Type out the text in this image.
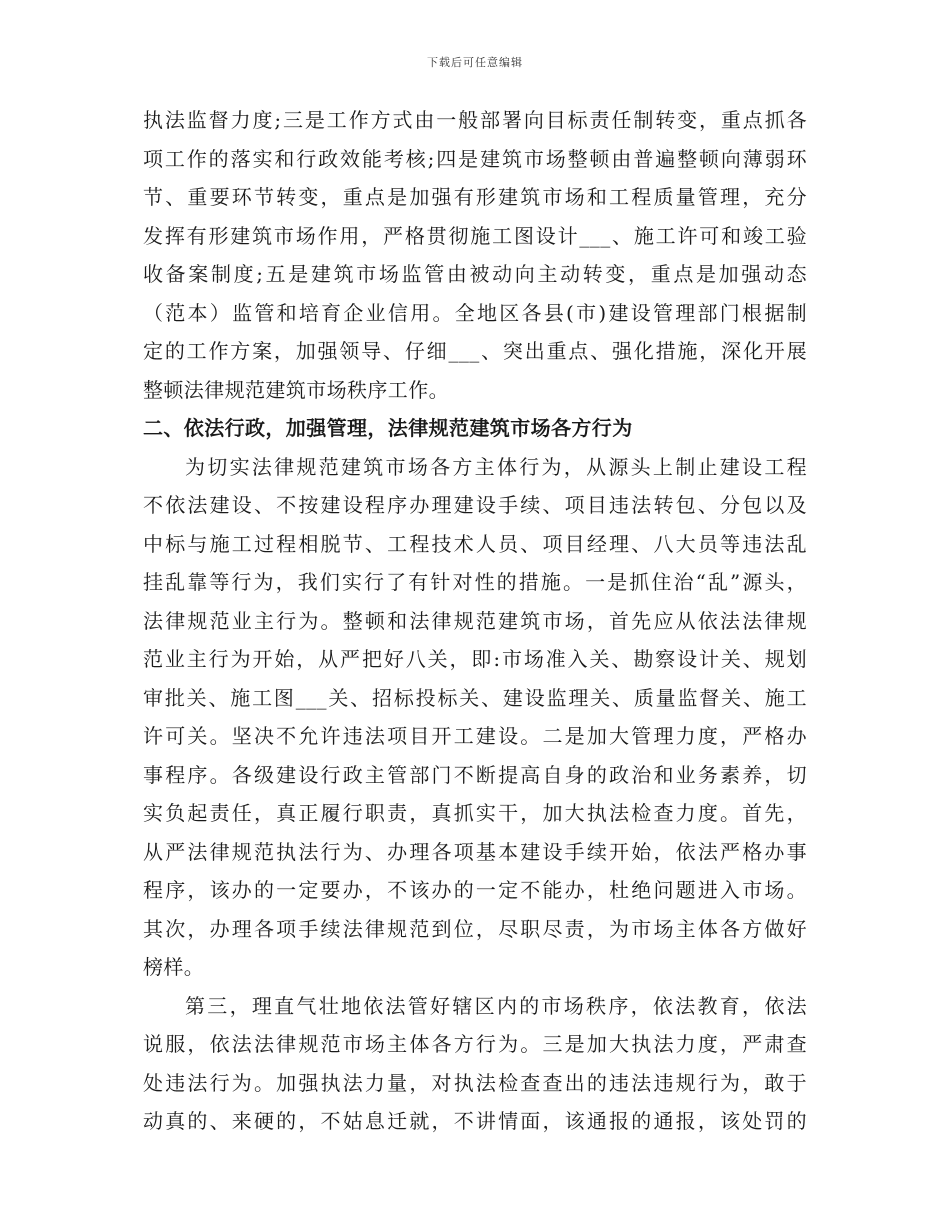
下载后可任意编辑
执法监督力度;三是工作方式由一般部署向目标责任制转变，重点抓各
项工作的落实和行政效能考核;四是建筑市场整顿由普遍整顿向薄弱环
节、重要环节转变，重点是加强有形建筑市场和工程质量管理，充分
发挥有形建筑市场作用，严格贯彻施工图设计___、施工许可和竣工验
收备案制度;五是建筑市场监管由被动向主动转变，重点是加强动态
（范本）监管和培育企业信用。全地区各县(市)建设管理部门根据制
定的工作方案，加强领导、仔细___、突出重点、强化措施，深化开展
整顿法律规范建筑市场秩序工作。
二、依法行政，加强管理，法律规范建筑市场各方行为
为切实法律规范建筑市场各方主体行为，从源头上制止建设工程
不依法建设、不按建设程序办理建设手续、项目违法转包、分包以及
中标与施工过程相脱节、工程技术人员、项目经理、八大员等违法乱
挂乱靠等行为，我们实行了有针对性的措施。一是抓住治“乱”源头，
法律规范业主行为。整顿和法律规范建筑市场，首先应从依法法律规
范业主行为开始，从严把好八关，即:市场准入关、勘察设计关、规划
审批关、施工图___关、招标投标关、建设监理关、质量监督关、施工
许可关。坚决不允许违法项目开工建设。二是加大管理力度，严格办
事程序。各级建设行政主管部门不断提高自身的政治和业务素养，切
实负起责任，真正履行职责，真抓实干，加大执法检查力度。首先，
从严法律规范执法行为、办理各项基本建设手续开始，依法严格办事
程序，该办的一定要办，不该办的一定不能办，杜绝问题进入市场。
其次，办理各项手续法律规范到位，尽职尽责，为市场主体各方做好
榜样。
第三，理直气壮地依法管好辖区内的市场秩序，依法教育，依法
说服，依法法律规范市场主体各方行为。三是加大执法力度，严肃查
处违法行为。加强执法力量，对执法检查查出的违法违规行为，敢于
动真的、来硬的，不姑息迁就，不讲情面，该通报的通报，该处罚的
